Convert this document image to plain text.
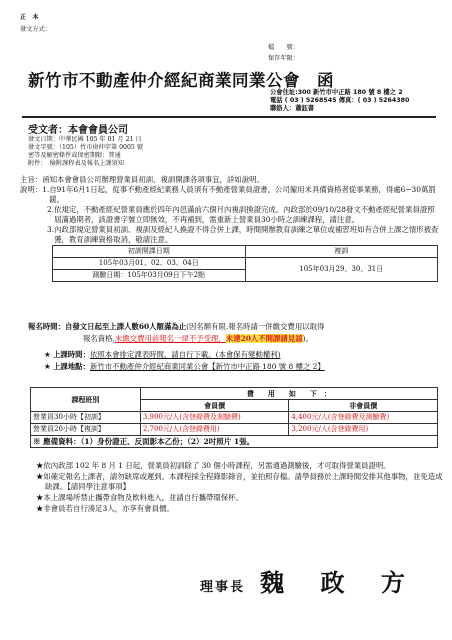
正　本
發文方式：
檔　　號：
保存年限：
新竹市不動產仲介經紀商業同業公會　函
公會住址:300 新竹市中正路 180 號 8 樓之 2
電話 ( 03 ) 5268545 傳真：( 03 ) 5264380
聯絡人：蕭鈺書
受文者：本會會員公司
發文日期：中華民國 105 年 01 月 21 日
發文字號：（105）竹市房仲字第 0005 號
密等及解密條件或保密期限：普通
附件：　檢附課程表及報名上課須知
主旨： 函知本會會員公司辦理營業員初訓、複訓開課各項事宜，詳如說明。
說明： 1. 自91年6月1日起，從事不動產經紀業務人員須有不動產營業員證書，公司僱用未具備資格者從事業務，得處6~30萬罰鍰。
2. 依規定，不動產經紀營業員應於四年內邑滿前六個月內複訓換證完成。內政部於09/10/28發文不動產經紀營業員證照屆滿過期者，該證書字號立即無效，不再補到，需重新上營業員30小時之訓練課程，請注意。
3. 內政部規定營業員初訓、複訓及經紀人換證不得合併上課，時間開辦教育訓練之單位或補習班如有合併上課之情形被查獲，教育訓練資格取消，敬請注意。
初訓開課日期	複訓
105年03月01、02、03、04日	105年03月29、30、31日
測驗日期：105年03月09日下午2點	
報名時間：自發文日起至上課人數60人額滿為止(因名額有限.報名時請一併繳交費用以取得
報名資格,未繳交費用前報名一律不予受理，未達20人不開課請見諒)。
★ 上課時間：依照本會排定課表時間，請自行下載。(本會保有變動權利)
★ 上課地點：新竹市不動產仲介經紀商業同業公會【新竹市中正路 180 號 8 樓之 2】
課程班別	費　　用　　如　　下　：	
	會員價	非會員價
營業員30小時【初訓】	3,900元/人(含登錄費及測驗費)	4,400元/人(含登錄費及測驗費)
營業員20小時【複訓】	2,700元/人(含登錄費用)	3,200元/人(含登錄費用)
※ 應備資料：（1）身份證正、反面影本乙份；（2）2吋照片 1張。		
★依內政部 102 年 8 月 1 日起，營業員初訓除了 30 個小時課程，另需通過測驗後，才可取得營業員證明。
★如確定報名上課者，請勿缺席或遲到。本課程採全程錄影錄音，並拍照存檔。請學員務於上課時間安排其他事物，並免造成缺課。【請同學注意事項】
★本上課場所禁止攜帶食物及飲料進入，並請自行攜帶環保杯。
★非會員若自行湊足3人，亦享有會員價。
理事長 魏 政 方
